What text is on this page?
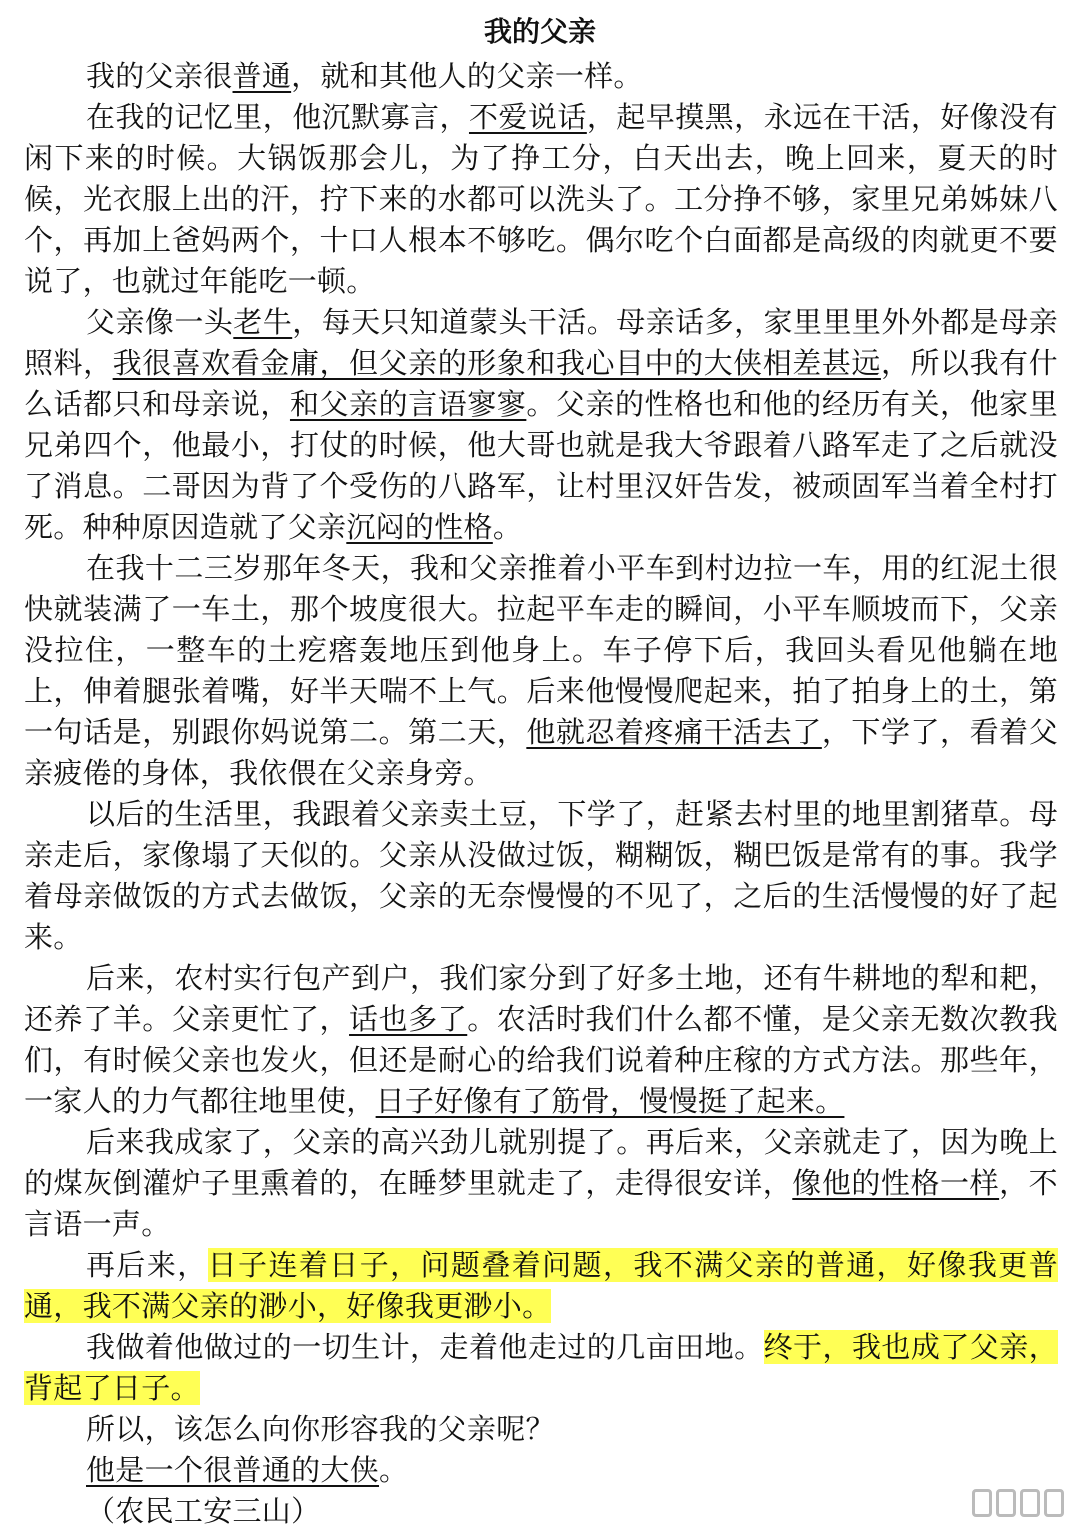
我的父亲

我的父亲很普通，就和其他人的父亲一样。

在我的记忆里，他沉默寡言，不爱说话，起早摸黑，永远在干活，好像没有闲下来的时候。大锅饭那会儿，为了挣工分，白天出去，晚上回来，夏天的时候，光衣服上出的汗，拧下来的水都可以洗头了。工分挣不够，家里兄弟姊妹八个，再加上爸妈两个，十口人根本不够吃。偶尔吃个白面都是高级的肉就更不要说了，也就过年能吃一顿。

父亲像一头老牛，每天只知道蒙头干活。母亲话多，家里里里外外都是母亲照料，我很喜欢看金庸，但父亲的形象和我心目中的大侠相差甚远，所以我有什么话都只和母亲说，和父亲的言语寥寥。父亲的性格也和他的经历有关，他家里兄弟四个，他最小，打仗的时候，他大哥也就是我大爷跟着八路军走了之后就没了消息。二哥因为背了个受伤的八路军，让村里汉奸告发，被顽固军当着全村打死。种种原因造就了父亲沉闷的性格。

在我十二三岁那年冬天，我和父亲推着小平车到村边拉一车，用的红泥土很快就装满了一车土，那个坡度很大。拉起平车走的瞬间，小平车顺坡而下，父亲没拉住，一整车的土疙瘩轰地压到他身上。车子停下后，我回头看见他躺在地上，伸着腿张着嘴，好半天喘不上气。后来他慢慢爬起来，拍了拍身上的土，第一句话是，别跟你妈说第二。第二天，他就忍着疼痛干活去了，下学了，看着父亲疲倦的身体，我依偎在父亲身旁。

以后的生活里，我跟着父亲卖土豆，下学了，赶紧去村里的地里割猪草。母亲走后，家像塌了天似的。父亲从没做过饭，糊糊饭，糊巴饭是常有的事。我学着母亲做饭的方式去做饭，父亲的无奈慢慢的不见了，之后的生活慢慢的好了起来。

后来，农村实行包产到户，我们家分到了好多土地，还有牛耕地的犁和耙，还养了羊。父亲更忙了，话也多了。农活时我们什么都不懂，是父亲无数次教我们，有时候父亲也发火，但还是耐心的给我们说着种庄稼的方式方法。那些年，一家人的力气都往地里使，日子好像有了筋骨，慢慢挺了起来。

后来我成家了，父亲的高兴劲儿就别提了。再后来，父亲就走了，因为晚上的煤灰倒灌炉子里熏着的，在睡梦里就走了，走得很安详，像他的性格一样，不言语一声。

再后来，日子连着日子，问题叠着问题，我不满父亲的普通，好像我更普通，我不满父亲的渺小，好像我更渺小。

我做着他做过的一切生计，走着他走过的几亩田地。终于，我也成了父亲，背起了日子。

所以，该怎么向你形容我的父亲呢？

他是一个很普通的大侠。

（农民工安三山）
